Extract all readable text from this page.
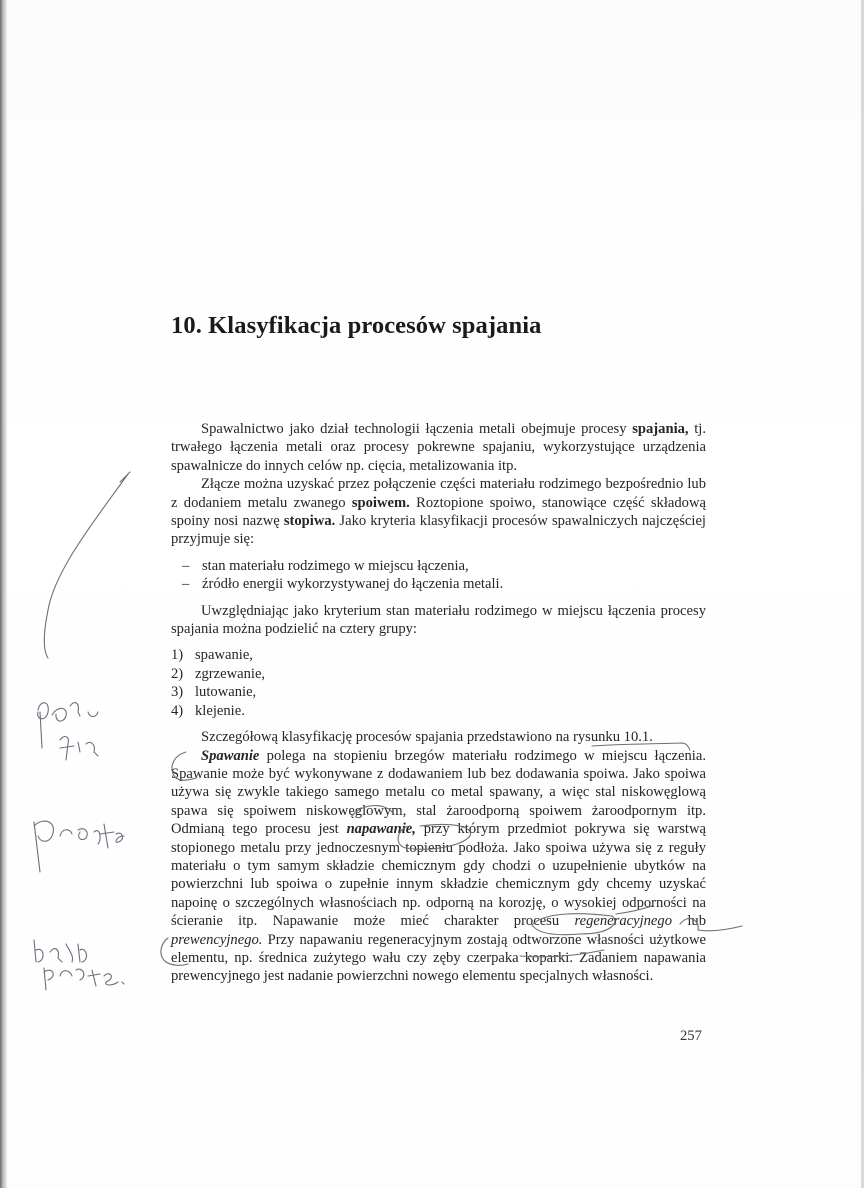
10. Klasyfikacja procesów spajania

Spawalnictwo jako dział technologii łączenia metali obejmuje procesy spajania, tj. trwałego łączenia metali oraz procesy pokrewne spajaniu, wykorzystujące urządzenia spawalnicze do innych celów np. cięcia, metalizowania itp.

Złącze można uzyskać przez połączenie części materiału rodzimego bezpośrednio lub z dodaniem metalu zwanego spoiwem. Roztopione spoiwo, stanowiące część składową spoiny nosi nazwę stopiwa. Jako kryteria klasyfikacji procesów spawalniczych najczęściej przyjmuje się:

– stan materiału rodzimego w miejscu łączenia,
– źródło energii wykorzystywanej do łączenia metali.

Uwzględniając jako kryterium stan materiału rodzimego w miejscu łączenia procesy spajania można podzielić na cztery grupy:

1) spawanie,
2) zgrzewanie,
3) lutowanie,
4) klejenie.

Szczegółową klasyfikację procesów spajania przedstawiono na rysunku 10.1.

Spawanie polega na stopieniu brzegów materiału rodzimego w miejscu łączenia. Spawanie może być wykonywane z dodawaniem lub bez dodawania spoiwa. Jako spoiwa używa się zwykle takiego samego metalu co metal spawany, a więc stal niskowęglową spawa się spoiwem niskowęglowym, stal żaroodporną spoiwem żaroodpornym itp. Odmianą tego procesu jest napawanie, przy którym przedmiot pokrywa się warstwą stopionego metalu przy jednoczesnym topieniu podłoża. Jako spoiwa używa się z reguły materiału o tym samym składzie chemicznym gdy chodzi o uzupełnienie ubytków na powierzchni lub spoiwa o zupełnie innym składzie chemicznym gdy chcemy uzyskać napoinę o szczególnych własnościach np. odporną na korozję, o wysokiej odporności na ścieranie itp. Napawanie może mieć charakter procesu regeneracyjnego lub prewencyjnego. Przy napawaniu regeneracyjnym zostają odtworzone własności użytkowe elementu, np. średnica zużytego wału czy zęby czerpaka koparki. Zadaniem napawania prewencyjnego jest nadanie powierzchni nowego elementu specjalnych własności.

257
